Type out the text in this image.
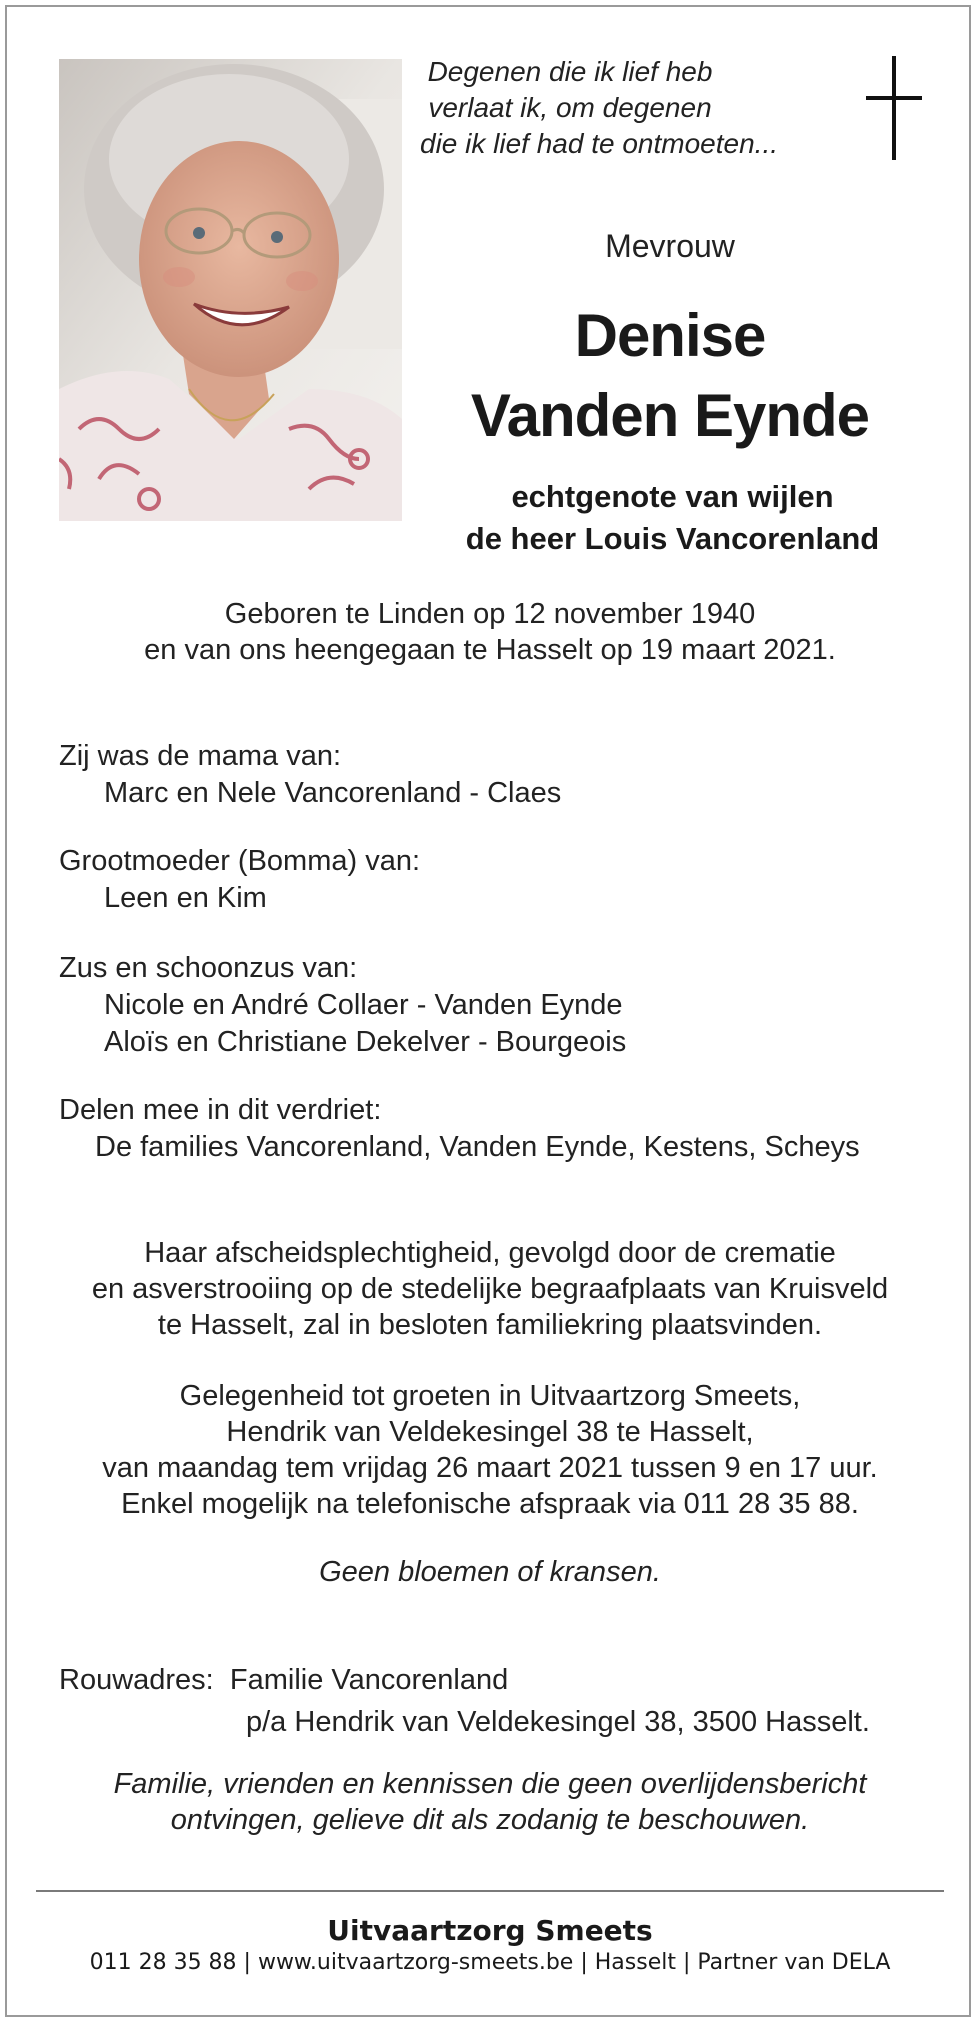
Degenen die ik lief heb
verlaat ik, om degenen
die ik lief had te ontmoeten...
Mevrouw
Denise
Vanden Eynde
echtgenote van wijlen
de heer Louis Vancorenland
Geboren te Linden op 12 november 1940
en van ons heengegaan te Hasselt op 19 maart 2021.
Zij was de mama van:
Marc en Nele Vancorenland - Claes
Grootmoeder (Bomma) van:
Leen en Kim
Zus en schoonzus van:
Nicole en André Collaer - Vanden Eynde
Aloïs en Christiane Dekelver - Bourgeois
Delen mee in dit verdriet:
De families Vancorenland, Vanden Eynde, Kestens, Scheys
Haar afscheidsplechtigheid, gevolgd door de crematie
en asverstrooiing op de stedelijke begraafplaats van Kruisveld
te Hasselt, zal in besloten familiekring plaatsvinden.
Gelegenheid tot groeten in Uitvaartzorg Smeets,
Hendrik van Veldekesingel 38 te Hasselt,
van maandag tem vrijdag 26 maart 2021 tussen 9 en 17 uur.
Enkel mogelijk na telefonische afspraak via 011 28 35 88.
Geen bloemen of kransen.
Rouwadres: Familie Vancorenland
p/a Hendrik van Veldekesingel 38, 3500 Hasselt.
Familie, vrienden en kennissen die geen overlijdensbericht
ontvingen, gelieve dit als zodanig te beschouwen.
Uitvaartzorg Smeets
011 28 35 88 | www.uitvaartzorg-smeets.be | Hasselt | Partner van DELA
